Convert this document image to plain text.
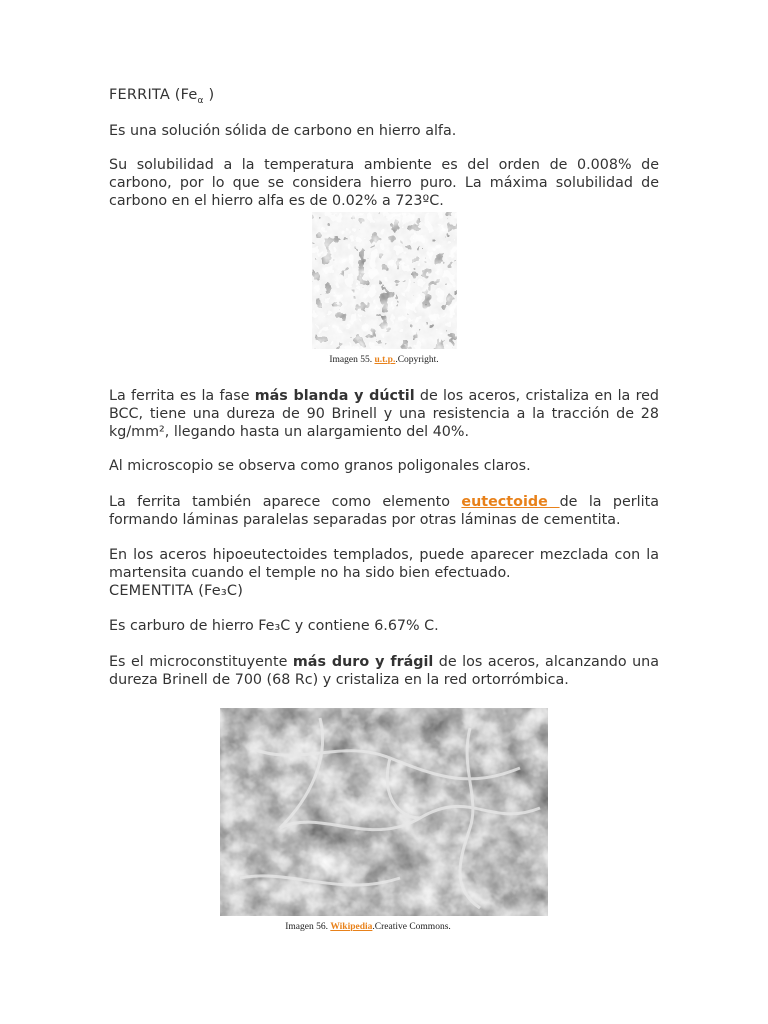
FERRITA ($Fe_\alpha$ )

Es una solución sólida de carbono en hierro alfa.

Su solubilidad a la temperatura ambiente es del orden de 0.008% de carbono, por lo que se considera hierro puro. La máxima solubilidad de carbono en el hierro alfa es de 0.02% a 723ºC.

Imagen 55. u.t.p..Copyright.

La ferrita es la fase más blanda y dúctil de los aceros, cristaliza en la red BCC, tiene una dureza de 90 Brinell y una resistencia a la tracción de 28 kg/mm², llegando hasta un alargamiento del 40%.

Al microscopio se observa como granos poligonales claros.

La ferrita también aparece como elemento eutectoide de la perlita formando láminas paralelas separadas por otras láminas de cementita.

En los aceros hipoeutectoides templados, puede aparecer mezclada con la martensita cuando el temple no ha sido bien efectuado.

CEMENTITA (Fe₃C)

Es carburo de hierro Fe₃C y contiene 6.67% C.

Es el microconstituyente más duro y frágil de los aceros, alcanzando una dureza Brinell de 700 (68 Rc) y cristaliza en la red ortorrómbica.

Imagen 56. Wikipedia.Creative Commons.
